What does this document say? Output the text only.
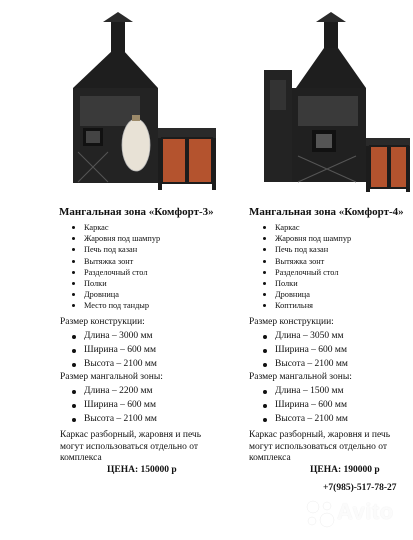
Мангальная зона «Комфорт-3»
Каркас
Жаровня под шампур
Печь под казан
Вытяжка зонт
Разделочный стол
Полки
Дровница
Место под тандыр
Размер конструкции:
Длина – 3000 мм
Ширина – 600 мм
Высота – 2100 мм
Размер мангальной зоны:
Длина – 2200 мм
Ширина – 600 мм
Высота – 2100 мм
Каркас разборный, жаровня и печь могут использоваться отдельно от комплекса
ЦЕНА: 150000 р
Мангальная зона «Комфорт-4»
Каркас
Жаровня под шампур
Печь под казан
Вытяжка зонт
Разделочный стол
Полки
Дровница
Коптильня
Размер конструкции:
Длина – 3050 мм
Ширина – 600 мм
Высота – 2100 мм
Размер мангальной зоны:
Длина – 1500 мм
Ширина – 600 мм
Высота – 2100 мм
Каркас разборный, жаровня и печь могут использоваться отдельно от комплекса
ЦЕНА: 190000 р
+7(985)-517-78-27
Avito
